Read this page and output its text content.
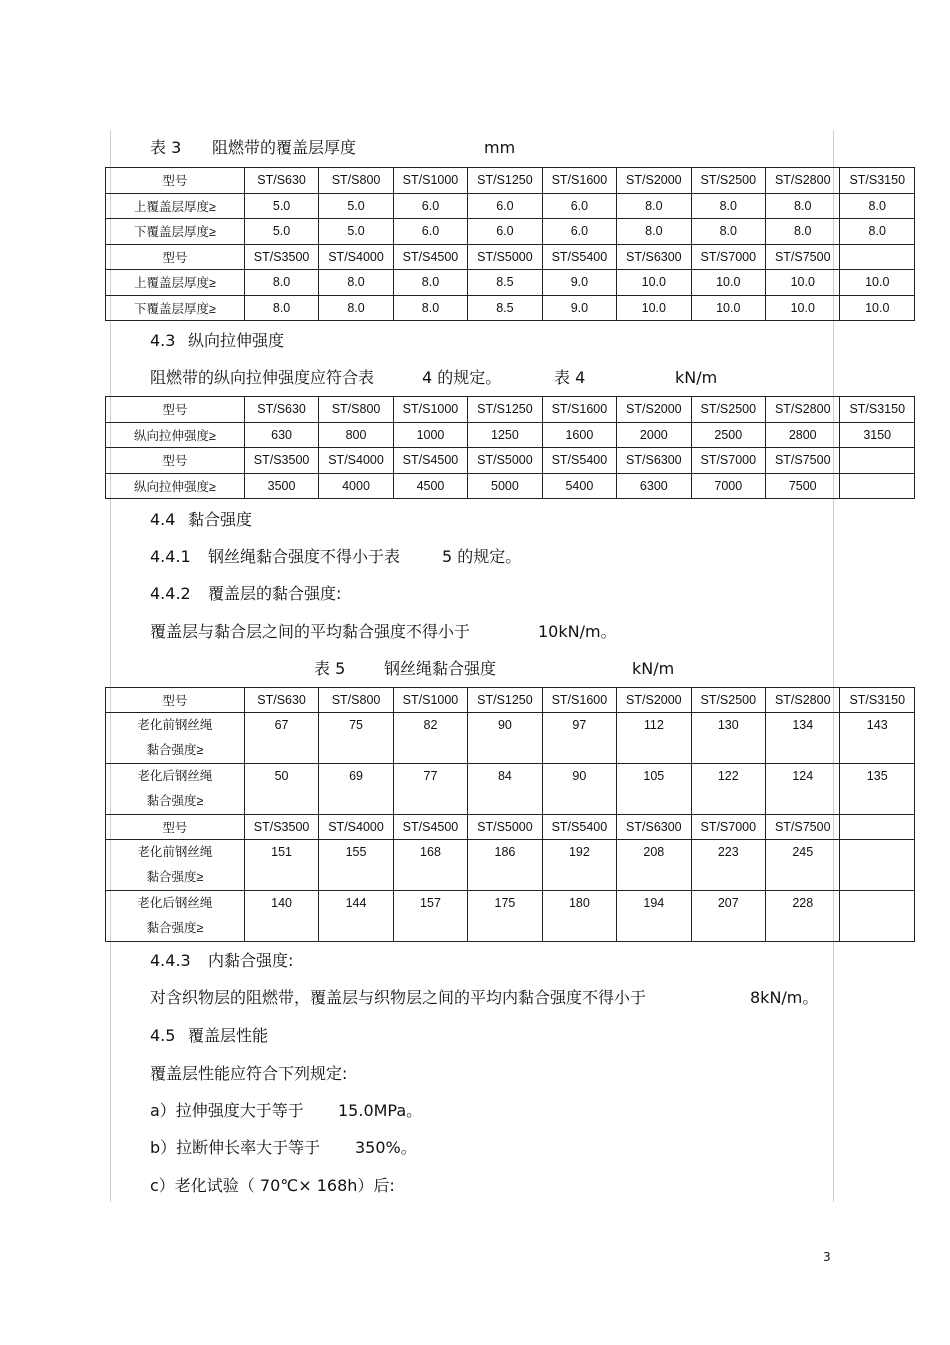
表 3 阻燃带的覆盖层厚度	mm
型号	ST/S630	ST/S800	ST/S1000	ST/S1250	ST/S1600	ST/S2000	ST/S2500	ST/S2800	ST/S3150
上覆盖层厚度≥	5.0	5.0	6.0	6.0	6.0	8.0	8.0	8.0	8.0
下覆盖层厚度≥	5.0	5.0	6.0	6.0	6.0	8.0	8.0	8.0	8.0
型号	ST/S3500	ST/S4000	ST/S4500	ST/S5000	ST/S5400	ST/S6300	ST/S7000	ST/S7500	
上覆盖层厚度≥	8.0	8.0	8.0	8.5	9.0	10.0	10.0	10.0	10.0
下覆盖层厚度≥	8.0	8.0	8.0	8.5	9.0	10.0	10.0	10.0	10.0
4.3 纵向拉伸强度
阻燃带的纵向拉伸强度应符合表	4 的规定。	表 4	kN/m
型号	ST/S630	ST/S800	ST/S1000	ST/S1250	ST/S1600	ST/S2000	ST/S2500	ST/S2800	ST/S3150
纵向拉伸强度≥	630	800	1000	1250	1600	2000	2500	2800	3150
型号	ST/S3500	ST/S4000	ST/S4500	ST/S5000	ST/S5400	ST/S6300	ST/S7000	ST/S7500	
纵向拉伸强度≥	3500	4000	4500	5000	5400	6300	7000	7500	
4.4 黏合强度
4.4.1 钢丝绳黏合强度不得小于表	5 的规定。
4.4.2 覆盖层的黏合强度:
覆盖层与黏合层之间的平均黏合强度不得小于	10kN/m。
表 5 钢丝绳黏合强度	kN/m
型号	ST/S630	ST/S800	ST/S1000	ST/S1250	ST/S1600	ST/S2000	ST/S2500	ST/S2800	ST/S3150

老化前钢丝绳
黏合强度≥	67	75	82	90	97	112	130	134	143

老化后钢丝绳
黏合强度≥	50	69	77	84	90	105	122	124	135
型号	ST/S3500	ST/S4000	ST/S4500	ST/S5000	ST/S5400	ST/S6300	ST/S7000	ST/S7500	

老化前钢丝绳
黏合强度≥	151	155	168	186	192	208	223	245	

老化后钢丝绳
黏合强度≥	140	144	157	175	180	194	207	228	
4.4.3 内黏合强度:
对含织物层的阻燃带，覆盖层与织物层之间的平均内黏合强度不得小于	8kN/m。
4.5 覆盖层性能
覆盖层性能应符合下列规定:
a）拉伸强度大于等于 15.0MPa。
b）拉断伸长率大于等于 350%。
c）老化试验（ 70℃× 168h）后:
3
